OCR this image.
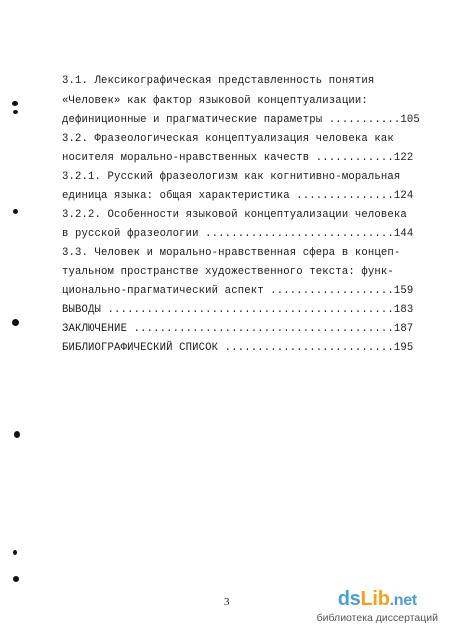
3.1. Лексикографическая представленность понятия
«Человек» как фактор языковой концептуализации:
дефиниционные и прагматические параметры ...........105
3.2. Фразеологическая концептуализация человека как
носителя морально-нравственных качеств ............122
3.2.1. Русский фразеологизм как когнитивно-моральная
единица языка: общая характеристика ...............124
3.2.2. Особенности языковой концептуализации человека
в русской фразеологии .............................144
3.3. Человек и морально-нравственная сфера в концеп-
туальном пространстве художественного текста: функ-
ционально-прагматический аспект ...................159
ВЫВОДЫ ............................................183
ЗАКЛЮЧЕНИЕ ........................................187
БИБЛИОГРАФИЧЕСКИЙ СПИСОК ..........................195
3	dsLib.net
библиотека диссертаций
